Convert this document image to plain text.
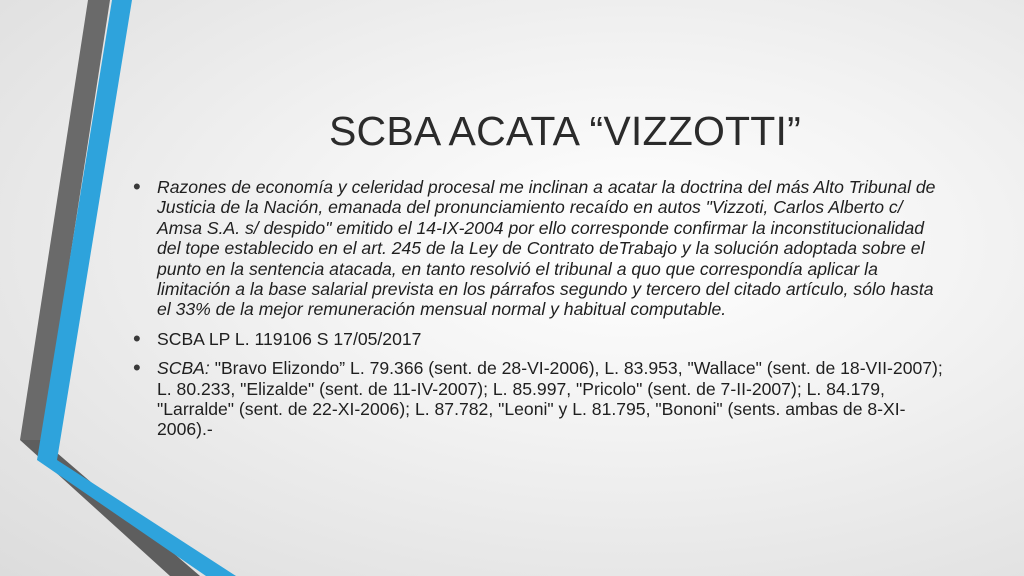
SCBA ACATA “VIZZOTTI”
• Razones de economía y celeridad procesal me inclinan a acatar la doctrina del más Alto Tribunal de Justicia de la Nación, emanada del pronunciamiento recaído en autos "Vizzoti, Carlos Alberto c/ Amsa S.A. s/ despido" emitido el 14-IX-2004 por ello corresponde confirmar la inconstitucionalidad del tope establecido en el art. 245 de la Ley de Contrato deTrabajo y la solución adoptada sobre el punto en la sentencia atacada, en tanto resolvió el tribunal a quo que correspondía aplicar la limitación a la base salarial prevista en los párrafos segundo y tercero del citado artículo, sólo hasta el 33% de la mejor remuneración mensual normal y habitual computable.
• SCBA LP L. 119106 S 17/05/2017
• SCBA: "Bravo Elizondo” L. 79.366 (sent. de 28-VI-2006), L. 83.953, "Wallace" (sent. de 18-VII-2007); L. 80.233, "Elizalde" (sent. de 11-IV-2007); L. 85.997, "Pricolo" (sent. de 7-II-2007); L. 84.179, "Larralde" (sent. de 22-XI-2006); L. 87.782, "Leoni" y L. 81.795, "Bononi" (sents. ambas de 8-XI-2006).-
